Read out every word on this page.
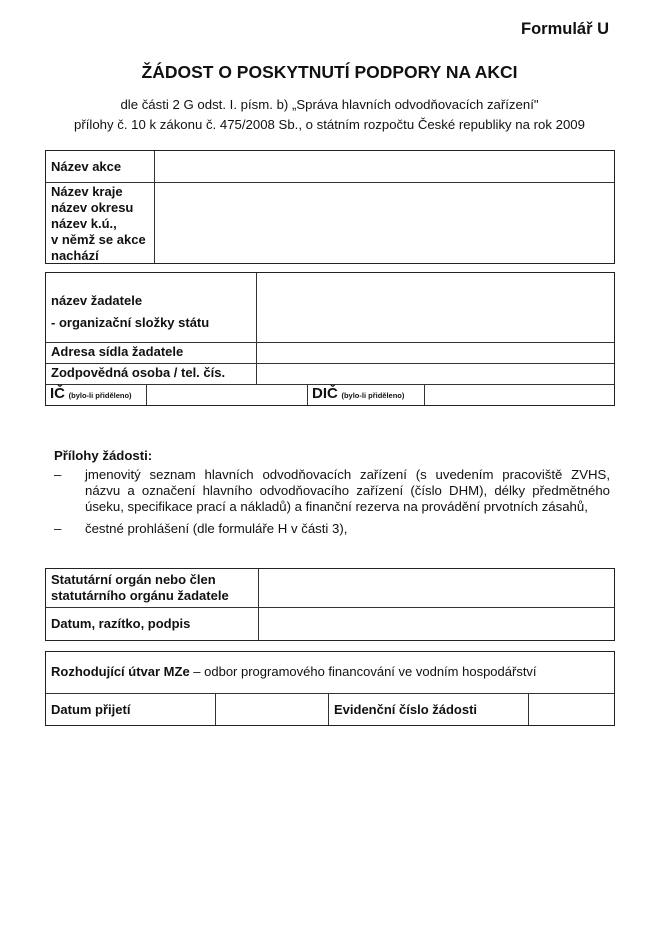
Formulář U
ŽÁDOST O POSKYTNUTÍ PODPORY NA AKCI
dle části 2 G odst. I. písm. b) „Správa hlavních odvodňovacích zařízení"
přílohy č. 10 k zákonu č. 475/2008 Sb., o státním rozpočtu České republiky na rok 2009
Název akce
Název kraje
název okresu
název k.ú.,
v němž se akce
nachází
název žadatele
- organizační složky státu
Adresa sídla žadatele
Zodpovědná osoba / tel. čís.
IČ (bylo-li přiděleno)	DIČ (bylo-li přiděleno)
Přílohy žádosti:
– jmenovitý seznam hlavních odvodňovacích zařízení (s uvedením pracoviště ZVHS,
názvu a označení hlavního odvodňovacího zařízení (číslo DHM), délky předmětného
úseku, specifikace prací a nákladů) a finanční rezerva na provádění prvotních zásahů,
– čestné prohlášení (dle formuláře H v části 3),
Statutární orgán nebo člen
statutárního orgánu žadatele
Datum, razítko, podpis
Rozhodující útvar MZe – odbor programového financování ve vodním hospodářství
Datum přijetí	Evidenční číslo žádosti
